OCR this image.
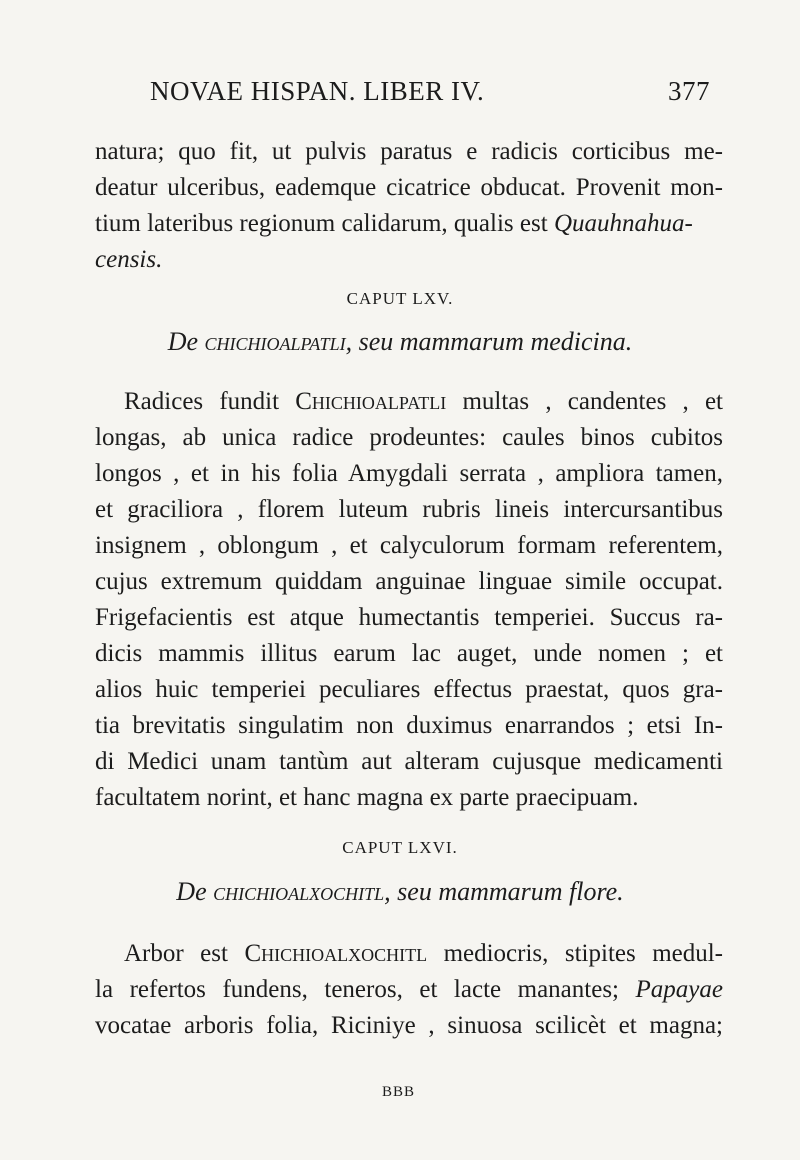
NOVAE HISPAN. LIBER IV.	377
natura; quo fit, ut pulvis paratus e radicis corticibus me-
deatur ulceribus, eademque cicatrice obducat. Provenit mon-
tium lateribus regionum calidarum, qualis est Quauhnahua-
censis.
CAPUT LXV.
De chichioalpatli, seu mammarum medicina.
Radices fundit Chichioalpatli multas , candentes , et
longas, ab unica radice prodeuntes: caules binos cubitos
longos , et in his folia Amygdali serrata , ampliora tamen,
et graciliora , florem luteum rubris lineis intercursantibus
insignem , oblongum , et calyculorum formam referentem,
cujus extremum quiddam anguinae linguae simile occupat.
Frigefacientis est atque humectantis temperiei. Succus ra-
dicis mammis illitus earum lac auget, unde nomen ; et
alios huic temperiei peculiares effectus praestat, quos gra-
tia brevitatis singulatim non duximus enarrandos ; etsi In-
di Medici unam tantùm aut alteram cujusque medicamenti
facultatem norint, et hanc magna ex parte praecipuam.
CAPUT LXVI.
De chichioalxochitl, seu mammarum flore.
Arbor est Chichioalxochitl mediocris, stipites medul-
la refertos fundens, teneros, et lacte manantes; Papayae
vocatae arboris folia, Riciniye , sinuosa scilicèt et magna;
BBB
